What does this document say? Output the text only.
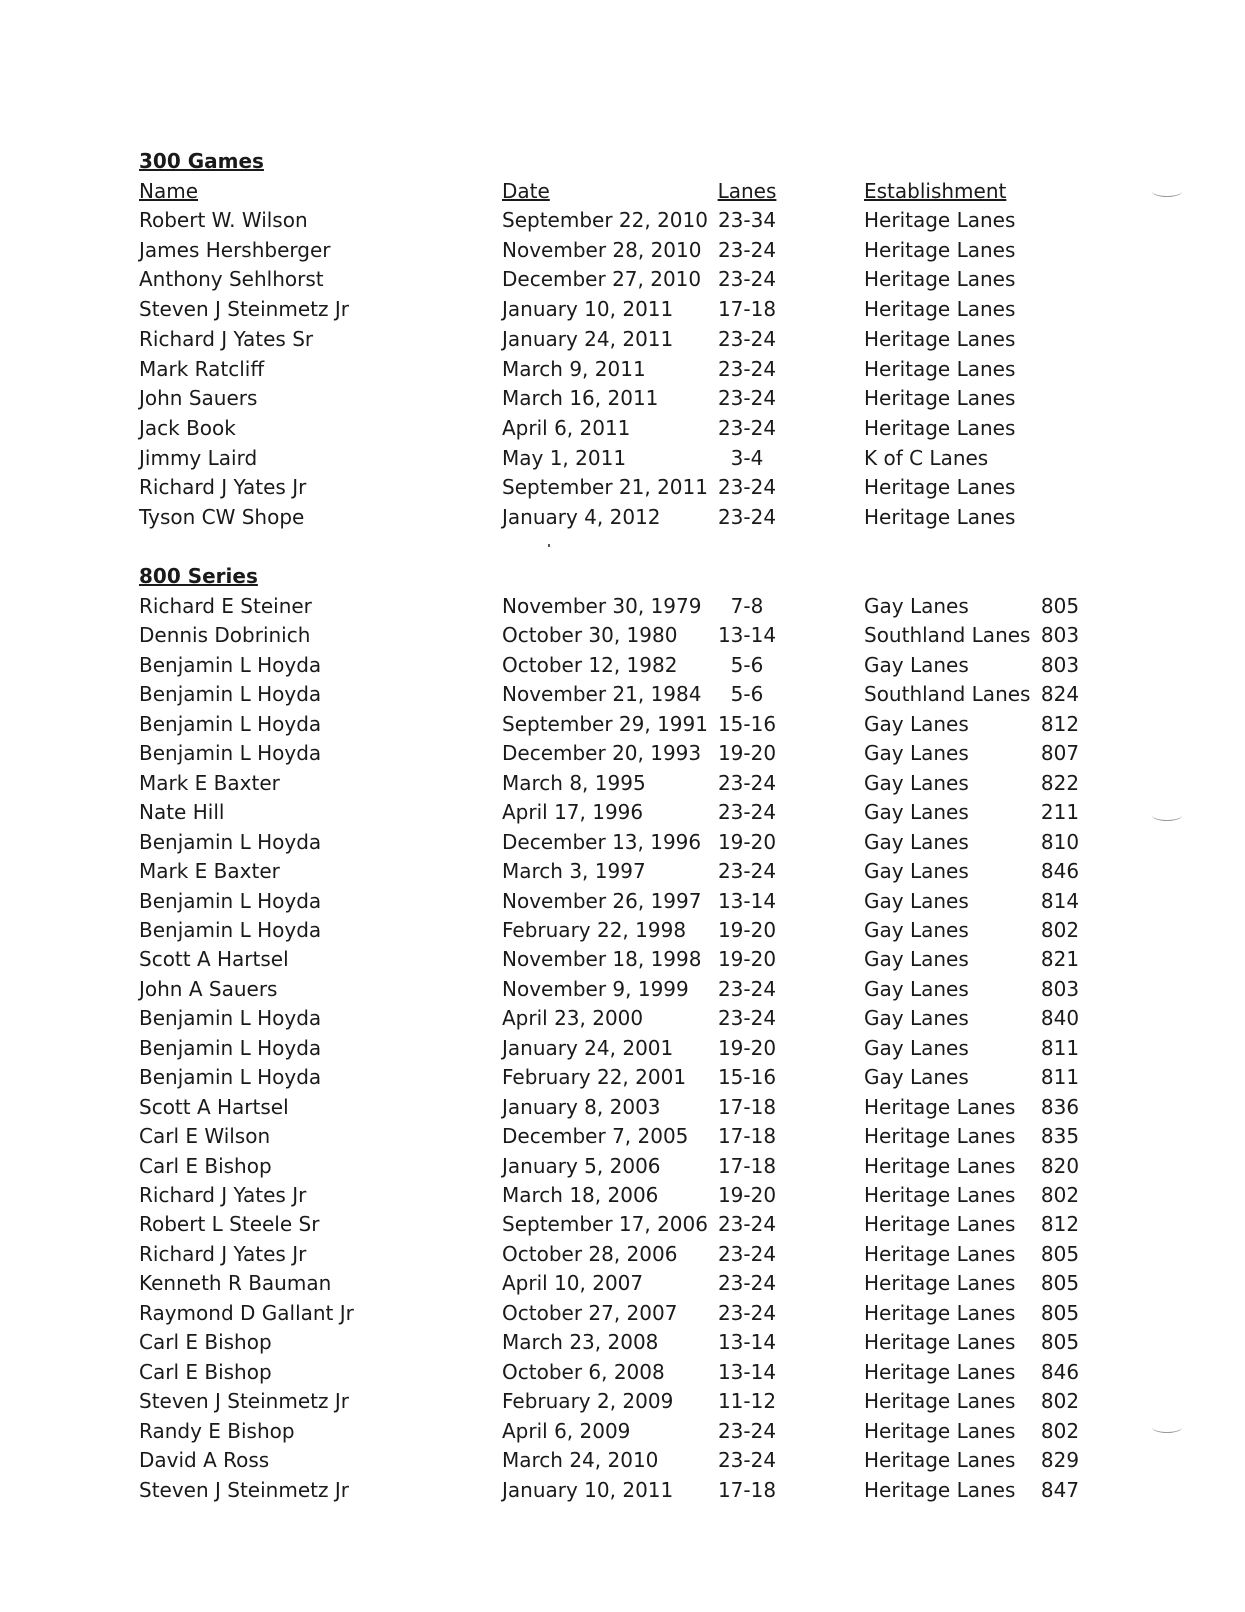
300 Games
Name	Date	Lanes	Establishment
Robert W. Wilson	September 22, 2010 23-34	Heritage Lanes
James Hershberger	November 28, 2010 23-24	Heritage Lanes
Anthony Sehlhorst	December 27, 2010 23-24	Heritage Lanes
Steven J Steinmetz Jr	January 10, 2011	17-18	Heritage Lanes
Richard J Yates Sr	January 24, 2011	23-24	Heritage Lanes
Mark Ratcliff	March 9, 2011	23-24	Heritage Lanes
John Sauers	March 16, 2011	23-24	Heritage Lanes
Jack Book	April 6, 2011	23-24	Heritage Lanes
Jimmy Laird	May 1, 2011	3-4	K of C Lanes
Richard J Yates Jr	September 21, 2011 23-24	Heritage Lanes
Tyson CW Shope	January 4, 2012	23-24	Heritage Lanes
800 Series
Richard E Steiner	November 30, 1979	7-8	Gay Lanes	805
Dennis Dobrinich	October 30, 1980	13-14	Southland Lanes 803
Benjamin L Hoyda	October 12, 1982	5-6	Gay Lanes	803
Benjamin L Hoyda	November 21, 1984	5-6	Southland Lanes 824
Benjamin L Hoyda	September 29, 1991 15-16	Gay Lanes	812
Benjamin L Hoyda	December 20, 1993 19-20	Gay Lanes	807
Mark E Baxter	March 8, 1995	23-24	Gay Lanes	822
Nate Hill	April 17, 1996	23-24	Gay Lanes	211
Benjamin L Hoyda	December 13, 1996 19-20	Gay Lanes	810
Mark E Baxter	March 3, 1997	23-24	Gay Lanes	846
Benjamin L Hoyda	November 26, 1997 13-14	Gay Lanes	814
Benjamin L Hoyda	February 22, 1998	19-20	Gay Lanes	802
Scott A Hartsel	November 18, 1998 19-20	Gay Lanes	821
John A Sauers	November 9, 1999	23-24	Gay Lanes	803
Benjamin L Hoyda	April 23, 2000	23-24	Gay Lanes	840
Benjamin L Hoyda	January 24, 2001	19-20	Gay Lanes	811
Benjamin L Hoyda	February 22, 2001	15-16	Gay Lanes	811
Scott A Hartsel	January 8, 2003	17-18	Heritage Lanes	836
Carl E Wilson	December 7, 2005	17-18	Heritage Lanes	835
Carl E Bishop	January 5, 2006	17-18	Heritage Lanes	820
Richard J Yates Jr	March 18, 2006	19-20	Heritage Lanes	802
Robert L Steele Sr	September 17, 2006 23-24	Heritage Lanes	812
Richard J Yates Jr	October 28, 2006	23-24	Heritage Lanes	805
Kenneth R Bauman	April 10, 2007	23-24	Heritage Lanes	805
Raymond D Gallant Jr	October 27, 2007	23-24	Heritage Lanes	805
Carl E Bishop	March 23, 2008	13-14	Heritage Lanes	805
Carl E Bishop	October 6, 2008	13-14	Heritage Lanes	846
Steven J Steinmetz Jr	February 2, 2009	11-12	Heritage Lanes	802
Randy E Bishop	April 6, 2009	23-24	Heritage Lanes	802
David A Ross	March 24, 2010	23-24	Heritage Lanes	829
Steven J Steinmetz Jr	January 10, 2011	17-18	Heritage Lanes	847
